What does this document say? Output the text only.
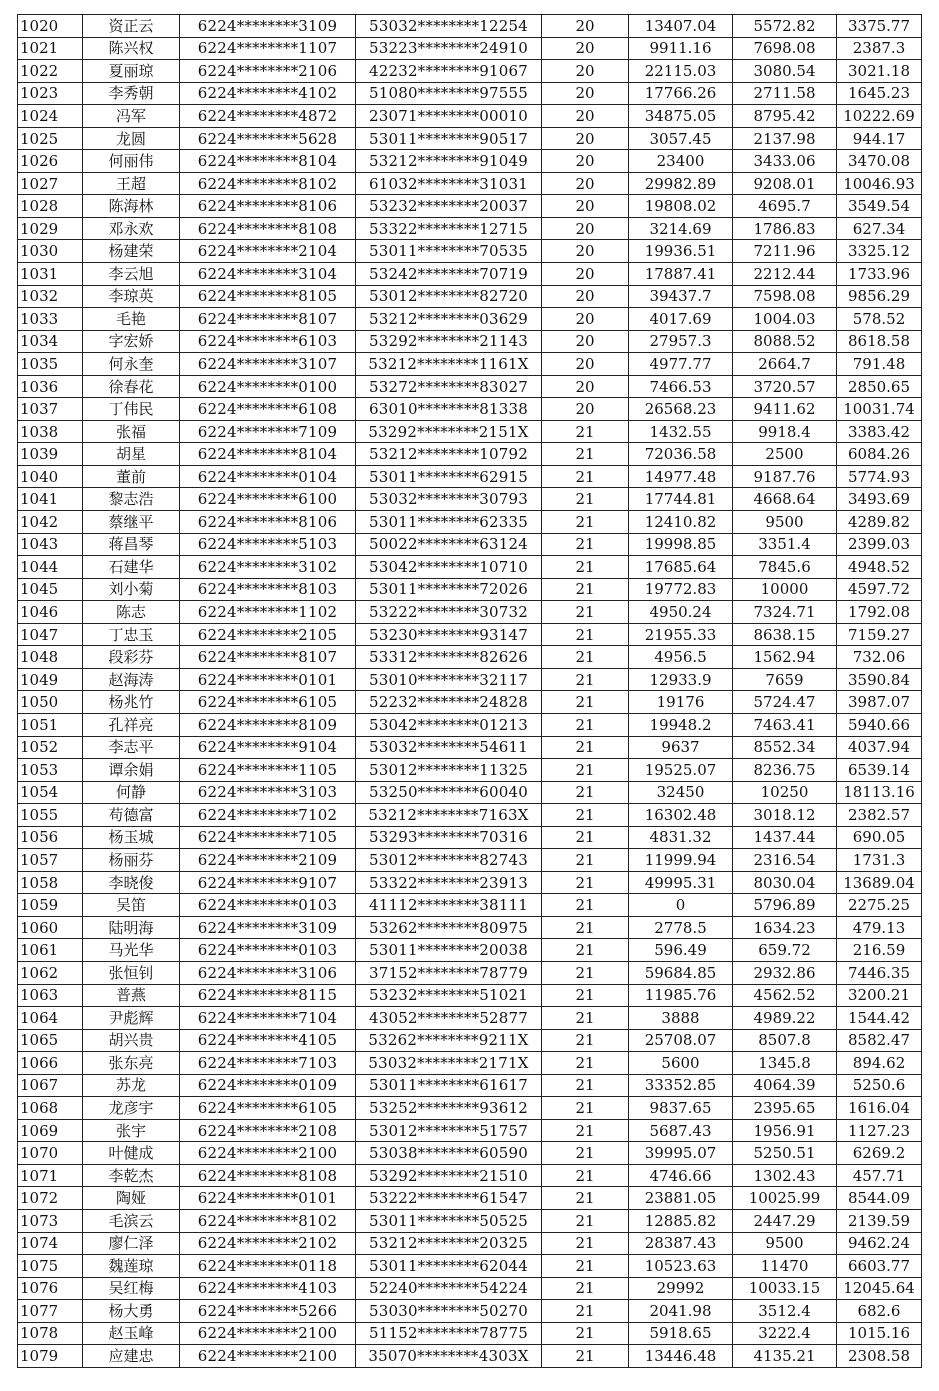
1020	资正云	6224********3109	53032********12254	20	13407.04	5572.82	3375.77
1021	陈兴权	6224********1107	53223********24910	20	9911.16	7698.08	2387.3
1022	夏丽琼	6224********2106	42232********91067	20	22115.03	3080.54	3021.18
1023	李秀朝	6224********4102	51080********97555	20	17766.26	2711.58	1645.23
1024	冯军	6224********4872	23071********00010	20	34875.05	8795.42	10222.69
1025	龙圆	6224********5628	53011********90517	20	3057.45	2137.98	944.17
1026	何丽伟	6224********8104	53212********91049	20	23400	3433.06	3470.08
1027	王超	6224********8102	61032********31031	20	29982.89	9208.01	10046.93
1028	陈海林	6224********8106	53232********20037	20	19808.02	4695.7	3549.54
1029	邓永欢	6224********8108	53322********12715	20	3214.69	1786.83	627.34
1030	杨建荣	6224********2104	53011********70535	20	19936.51	7211.96	3325.12
1031	李云旭	6224********3104	53242********70719	20	17887.41	2212.44	1733.96
1032	李琼英	6224********8105	53012********82720	20	39437.7	7598.08	9856.29
1033	毛艳	6224********8107	53212********03629	20	4017.69	1004.03	578.52
1034	字宏娇	6224********6103	53292********21143	20	27957.3	8088.52	8618.58
1035	何永奎	6224********3107	53212********1161X	20	4977.77	2664.7	791.48
1036	徐春花	6224********0100	53272********83027	20	7466.53	3720.57	2850.65
1037	丁伟民	6224********6108	63010********81338	20	26568.23	9411.62	10031.74
1038	张福	6224********7109	53292********2151X	21	1432.55	9918.4	3383.42
1039	胡星	6224********8104	53212********10792	21	72036.58	2500	6084.26
1040	董前	6224********0104	53011********62915	21	14977.48	9187.76	5774.93
1041	黎志浩	6224********6100	53032********30793	21	17744.81	4668.64	3493.69
1042	蔡继平	6224********8106	53011********62335	21	12410.82	9500	4289.82
1043	蒋昌琴	6224********5103	50022********63124	21	19998.85	3351.4	2399.03
1044	石建华	6224********3102	53042********10710	21	17685.64	7845.6	4948.52
1045	刘小菊	6224********8103	53011********72026	21	19772.83	10000	4597.72
1046	陈志	6224********1102	53222********30732	21	4950.24	7324.71	1792.08
1047	丁忠玉	6224********2105	53230********93147	21	21955.33	8638.15	7159.27
1048	段彩芬	6224********8107	53312********82626	21	4956.5	1562.94	732.06
1049	赵海涛	6224********0101	53010********32117	21	12933.9	7659	3590.84
1050	杨兆竹	6224********6105	52232********24828	21	19176	5724.47	3987.07
1051	孔祥亮	6224********8109	53042********01213	21	19948.2	7463.41	5940.66
1052	李志平	6224********9104	53032********54611	21	9637	8552.34	4037.94
1053	谭余娟	6224********1105	53012********11325	21	19525.07	8236.75	6539.14
1054	何静	6224********3103	53250********60040	21	32450	10250	18113.16
1055	苟德富	6224********7102	53212********7163X	21	16302.48	3018.12	2382.57
1056	杨玉城	6224********7105	53293********70316	21	4831.32	1437.44	690.05
1057	杨丽芬	6224********2109	53012********82743	21	11999.94	2316.54	1731.3
1058	李晓俊	6224********9107	53322********23913	21	49995.31	8030.04	13689.04
1059	吴笛	6224********0103	41112********38111	21	0	5796.89	2275.25
1060	陆明海	6224********3109	53262********80975	21	2778.5	1634.23	479.13
1061	马光华	6224********0103	53011********20038	21	596.49	659.72	216.59
1062	张恒钊	6224********3106	37152********78779	21	59684.85	2932.86	7446.35
1063	普燕	6224********8115	53232********51021	21	11985.76	4562.52	3200.21
1064	尹彪辉	6224********7104	43052********52877	21	3888	4989.22	1544.42
1065	胡兴贵	6224********4105	53262********9211X	21	25708.07	8507.8	8582.47
1066	张东亮	6224********7103	53032********2171X	21	5600	1345.8	894.62
1067	苏龙	6224********0109	53011********61617	21	33352.85	4064.39	5250.6
1068	龙彦宇	6224********6105	53252********93612	21	9837.65	2395.65	1616.04
1069	张宇	6224********2108	53012********51757	21	5687.43	1956.91	1127.23
1070	叶健成	6224********2100	53038********60590	21	39995.07	5250.51	6269.2
1071	李乾杰	6224********8108	53292********21510	21	4746.66	1302.43	457.71
1072	陶娅	6224********0101	53222********61547	21	23881.05	10025.99	8544.09
1073	毛滨云	6224********8102	53011********50525	21	12885.82	2447.29	2139.59
1074	廖仁泽	6224********2102	53212********20325	21	28387.43	9500	9462.24
1075	魏莲琼	6224********0118	53011********62044	21	10523.63	11470	6603.77
1076	吴红梅	6224********4103	52240********54224	21	29992	10033.15	12045.64
1077	杨大勇	6224********5266	53030********50270	21	2041.98	3512.4	682.6
1078	赵玉峰	6224********2100	51152********78775	21	5918.65	3222.4	1015.16
1079	应建忠	6224********2100	35070********4303X	21	13446.48	4135.21	2308.58
